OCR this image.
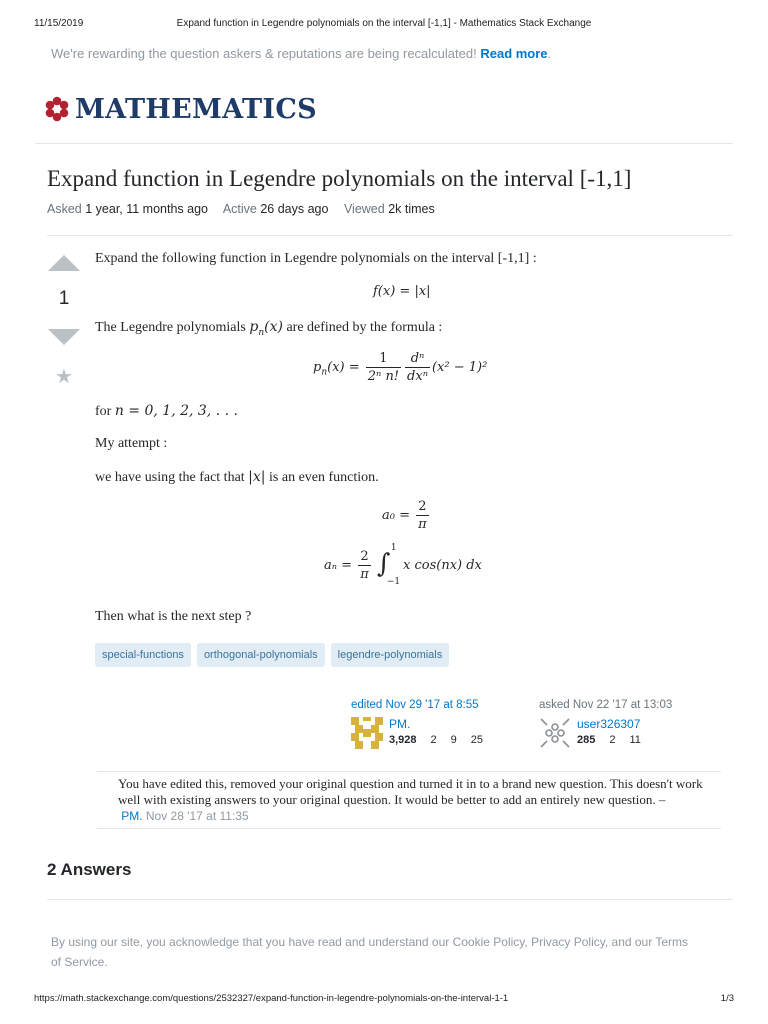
11/15/2019	Expand function in Legendre polynomials on the interval [-1,1] - Mathematics Stack Exchange
We're rewarding the question askers & reputations are being recalculated! Read more.
MATHEMATICS
Expand function in Legendre polynomials on the interval [-1,1]
Asked 1 year, 11 months ago Active 26 days ago Viewed 2k times
1
★

Expand the following function in Legendre polynomials on the interval [-1,1] :

f(x) = |x|

The Legendre polynomials $p_n(x)$ are defined by the formula :

$p_n(x) = \frac{1}{\text{2ⁿ n!}} \frac{\text{dⁿ}}{\text{dxⁿ}} (x^2 - 1)^2$

for n = 0, 1, 2, 3, . . .

My attempt :

we have using the fact that |x| is an even function.

$a_0 = \frac{2}{\pi}$
$a_n = \frac{2}{\pi}$
∫
1
−1
x cos(nx) dx

Then what is the next step ?

special-functions	orthogonal-polynomials	legendre-polynomials
edited Nov 29 '17 at 8:55
PM.
3,928 2 9 25
asked Nov 22 '17 at 13:03
user326307
285 2 11
You have edited this, removed your original question and turned it in to a brand new question. This doesn't work well with existing answers to your original question. It would be better to add an entirely new question. –
PM. Nov 28 '17 at 11:35
2 Answers
By using our site, you acknowledge that you have read and understand our Cookie Policy, Privacy Policy, and our Terms of Service.
https://math.stackexchange.com/questions/2532327/expand-function-in-legendre-polynomials-on-the-interval-1-1	1/3
